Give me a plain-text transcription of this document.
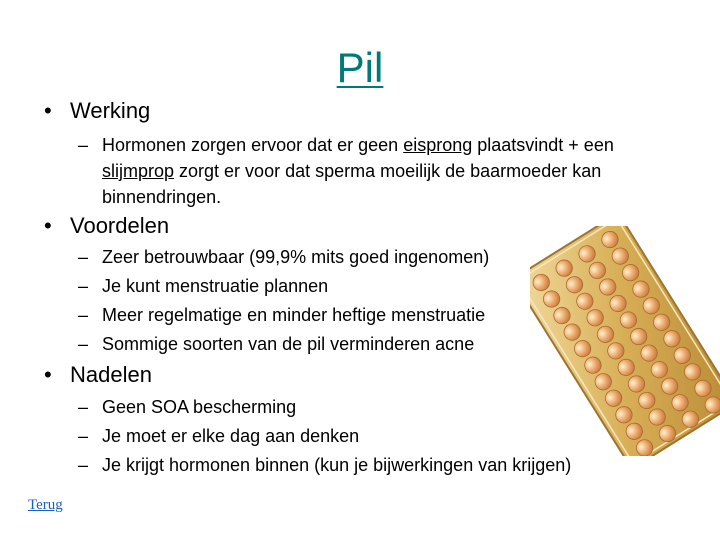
Pil
• Werking
– Hormonen zorgen ervoor dat er geen eisprong plaatsvindt + een
slijmprop zorgt er voor dat sperma moeilijk de baarmoeder kan binnendringen.
• Voordelen
– Zeer betrouwbaar (99,9% mits goed ingenomen)
– Je kunt menstruatie plannen
– Meer regelmatige en minder heftige menstruatie
– Sommige soorten van de pil verminderen acne
• Nadelen
– Geen SOA bescherming
– Je moet er elke dag aan denken
– Je krijgt hormonen binnen (kun je bijwerkingen van krijgen)
Terug
